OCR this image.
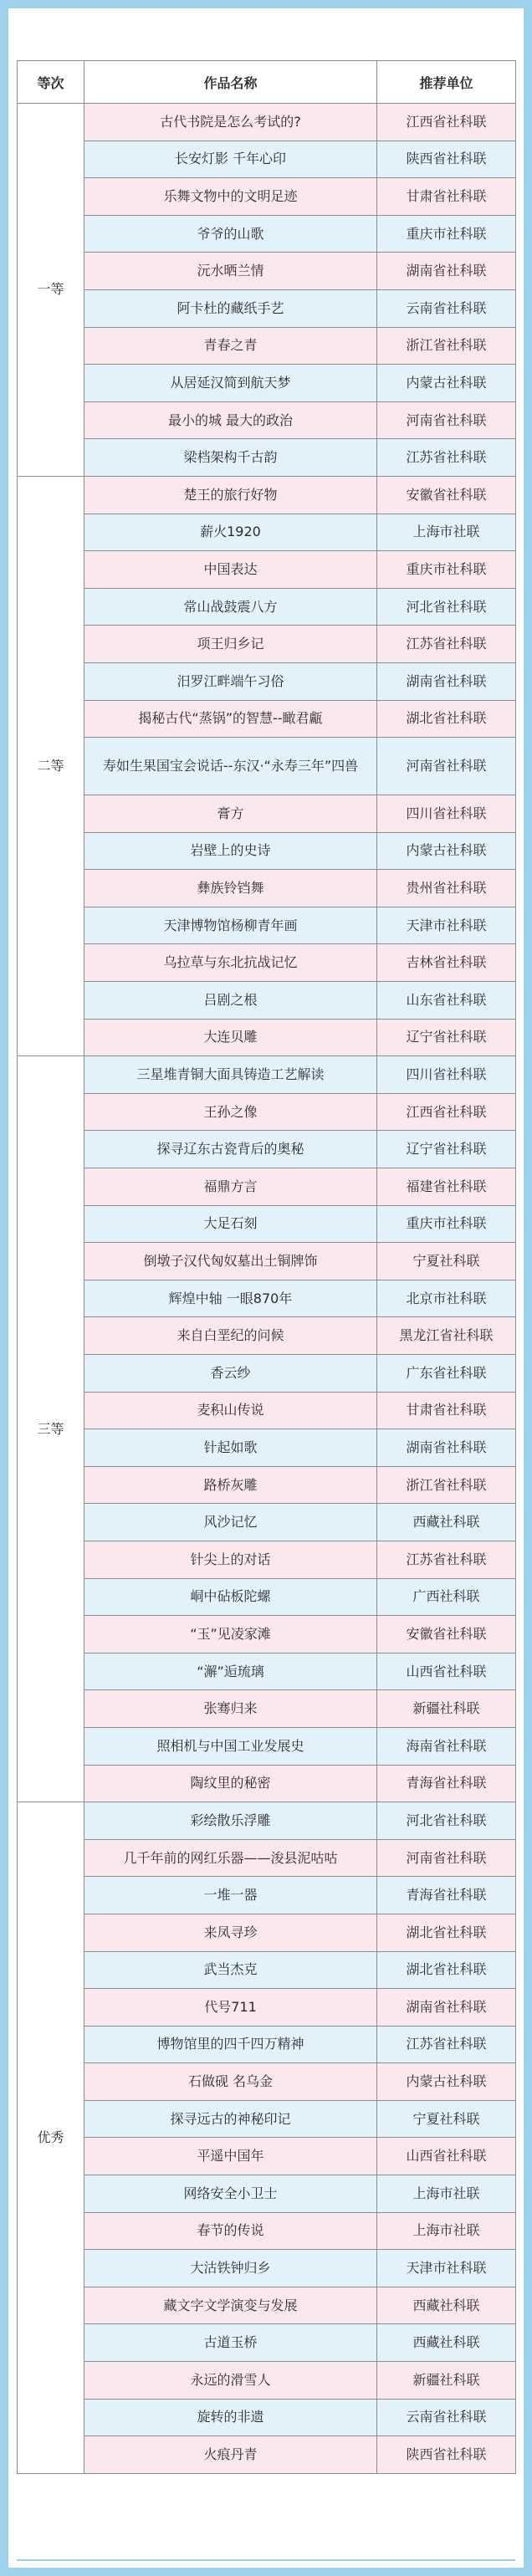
等次	作品名称	推荐单位
一等	古代书院是怎么考试的?	江西省社科联
	长安灯影 千年心印	陕西省社科联
	乐舞文物中的文明足迹	甘肃省社科联
	爷爷的山歌	重庆市社科联
	沅水晒兰情	湖南省社科联
	阿卡杜的藏纸手艺	云南省社科联
	青春之青	浙江省社科联
	从居延汉简到航天梦	内蒙古社科联
	最小的城 最大的政治	河南省社科联
	梁档架构千古韵	江苏省社科联
二等	楚王的旅行好物	安徽省社科联
	薪火1920	上海市社联
	中国表达	重庆市社科联
	常山战鼓震八方	河北省社科联
	项王归乡记	江苏省社科联
	汨罗江畔端午习俗	湖南省社科联
	揭秘古代“蒸锅”的智慧--瞰君甗	湖北省社科联
	寿如生果国宝会说话--东汉·“永寿三年”四兽	河南省社科联
	膏方	四川省社科联
	岩壁上的史诗	内蒙古社科联
	彝族铃铛舞	贵州省社科联
	天津博物馆杨柳青年画	天津市社科联
	乌拉草与东北抗战记忆	吉林省社科联
	吕剧之根	山东省社科联
	大连贝雕	辽宁省社科联
三等	三星堆青铜大面具铸造工艺解读	四川省社科联
	王孙之像	江西省社科联
	探寻辽东古瓷背后的奥秘	辽宁省社科联
	福鼎方言	福建省社科联
	大足石刻	重庆市社科联
	倒墩子汉代匈奴墓出土铜牌饰	宁夏社科联
	辉煌中轴 一眼870年	北京市社科联
	来自白垩纪的问候	黑龙江省社科联
	香云纱	广东省社科联
	麦积山传说	甘肃省社科联
	针起如歌	湖南省社科联
	路桥灰雕	浙江省社科联
	风沙记忆	西藏社科联
	针尖上的对话	江苏省社科联
	峒中砧板陀螺	广西社科联
	“玉”见凌家滩	安徽省社科联
	“澥”逅琉璃	山西省社科联
	张骞归来	新疆社科联
	照相机与中国工业发展史	海南省社科联
	陶纹里的秘密	青海省社科联
优秀	彩绘散乐浮雕	河北省社科联
	几千年前的网红乐器——浚县泥咕咕	河南省社科联
	一堆一器	青海省社科联
	来凤寻珍	湖北省社科联
	武当杰克	湖北省社科联
	代号711	湖南省社科联
	博物馆里的四千四万精神	江苏省社科联
	石做砚 名乌金	内蒙古社科联
	探寻远古的神秘印记	宁夏社科联
	平遥中国年	山西省社科联
	网络安全小卫士	上海市社联
	春节的传说	上海市社联
	大沽铁钟归乡	天津市社科联
	藏文字文学演变与发展	西藏社科联
	古道玉桥	西藏社科联
	永远的滑雪人	新疆社科联
	旋转的非遗	云南省社科联
	火痕丹青	陕西省社科联
